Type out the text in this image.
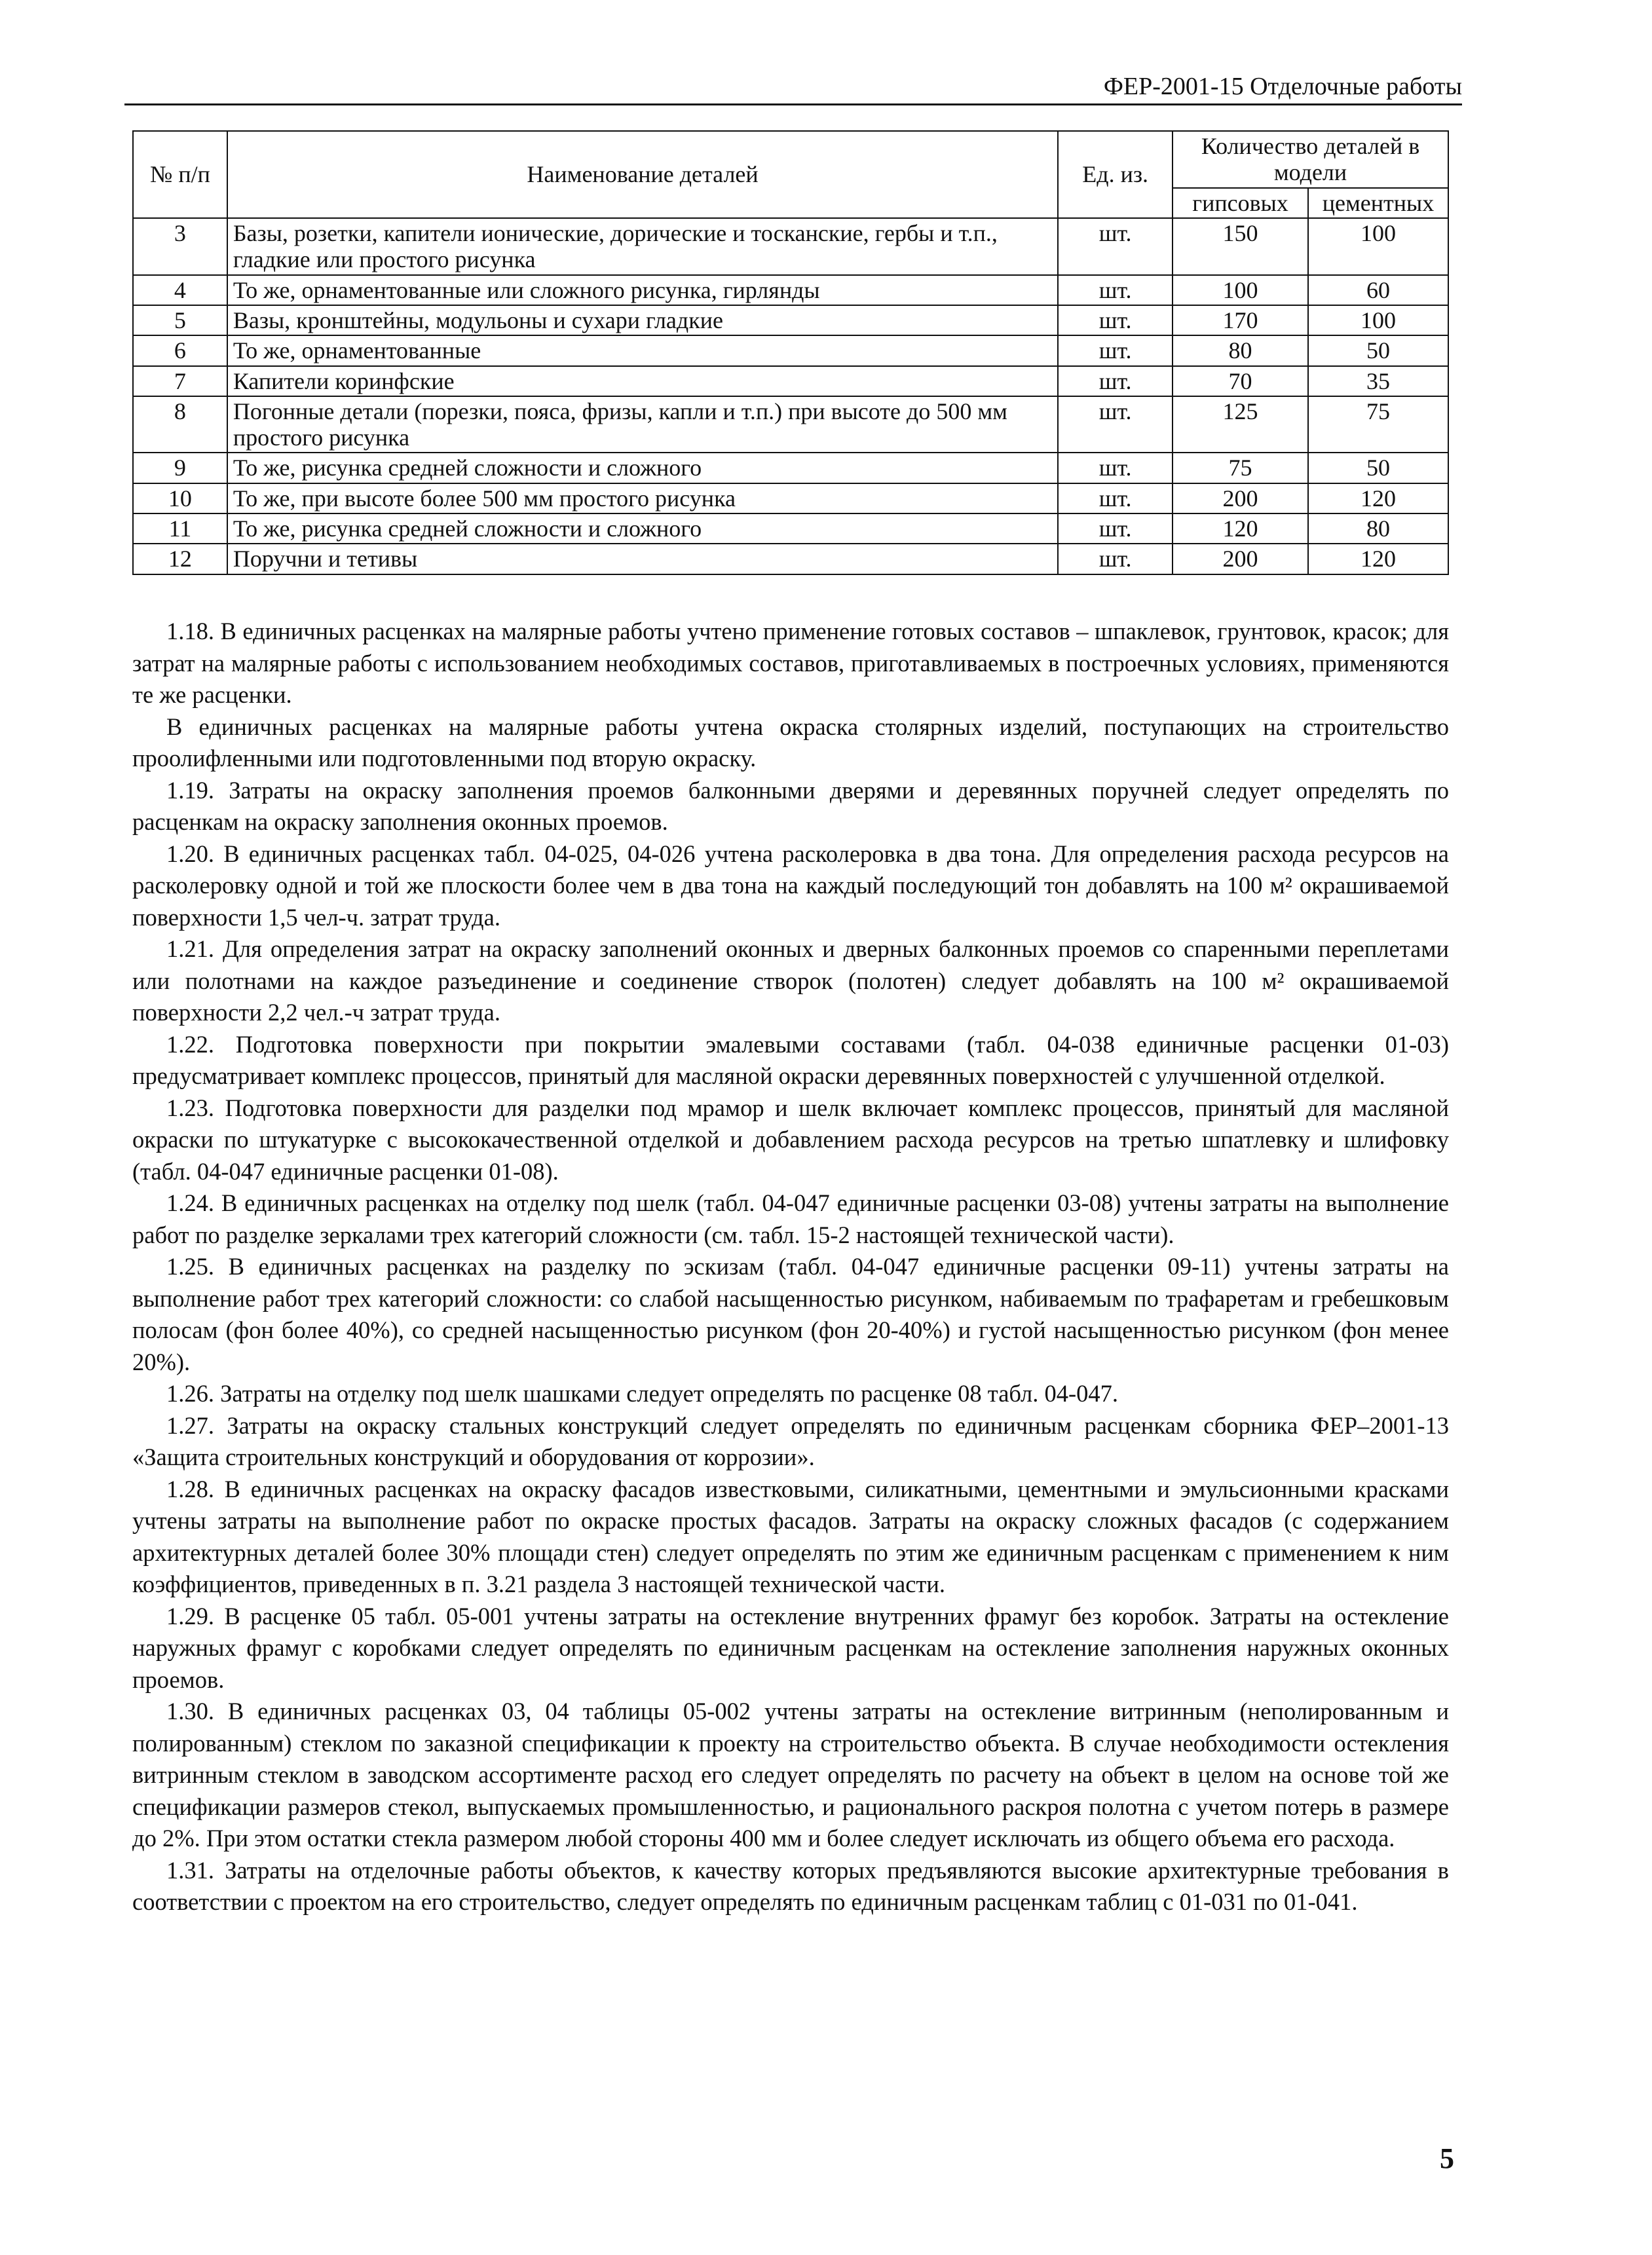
ФЕР-2001-15 Отделочные работы
№ п/п	Наименование деталей	Ед. из.	Количество деталей в модели	
			гипсовых	цементных
3	Базы, розетки, капители ионические, дорические и тосканские, гербы и т.п., гладкие или простого рисунка	шт.	150	100
4	То же, орнаментованные или сложного рисунка, гирлянды	шт.	100	60
5	Вазы, кронштейны, модульоны и сухари гладкие	шт.	170	100
6	То же, орнаментованные	шт.	80	50
7	Капители коринфские	шт.	70	35
8	Погонные детали (порезки, пояса, фризы, капли и т.п.) при высоте до 500 мм простого рисунка	шт.	125	75
9	То же, рисунка средней сложности и сложного	шт.	75	50
10	То же, при высоте более 500 мм простого рисунка	шт.	200	120
11	То же, рисунка средней сложности и сложного	шт.	120	80
12	Поручни и тетивы	шт.	200	120

1.18. В единичных расценках на малярные работы учтено применение готовых составов – шпаклевок, грунтовок, красок; для затрат на малярные работы с использованием необходимых составов, приготавливаемых в построечных условиях, применяются те же расценки.

В единичных расценках на малярные работы учтена окраска столярных изделий, поступающих на строительство проолифленными или подготовленными под вторую окраску.

1.19. Затраты на окраску заполнения проемов балконными дверями и деревянных поручней следует определять по расценкам на окраску заполнения оконных проемов.

1.20. В единичных расценках табл. 04-025, 04-026 учтена расколеровка в два тона. Для определения расхода ресурсов на расколеровку одной и той же плоскости более чем в два тона на каждый последующий тон добавлять на 100 м² окрашиваемой поверхности 1,5 чел-ч. затрат труда.

1.21. Для определения затрат на окраску заполнений оконных и дверных балконных проемов со спаренными переплетами или полотнами на каждое разъединение и соединение створок (полотен) следует добавлять на 100 м² окрашиваемой поверхности 2,2 чел.-ч затрат труда.

1.22. Подготовка поверхности при покрытии эмалевыми составами (табл. 04-038 единичные расценки 01-03) предусматривает комплекс процессов, принятый для масляной окраски деревянных поверхностей с улучшенной отделкой.

1.23. Подготовка поверхности для разделки под мрамор и шелк включает комплекс процессов, принятый для масляной окраски по штукатурке с высококачественной отделкой и добавлением расхода ресурсов на третью шпатлевку и шлифовку (табл. 04-047 единичные расценки 01-08).

1.24. В единичных расценках на отделку под шелк (табл. 04-047 единичные расценки 03-08) учтены затраты на выполнение работ по разделке зеркалами трех категорий сложности (см. табл. 15-2 настоящей технической части).

1.25. В единичных расценках на разделку по эскизам (табл. 04-047 единичные расценки 09-11) учтены затраты на выполнение работ трех категорий сложности: со слабой насыщенностью рисунком, набиваемым по трафаретам и гребешковым полосам (фон более 40%), со средней насыщенностью рисунком (фон 20-40%) и густой насыщенностью рисунком (фон менее 20%).

1.26. Затраты на отделку под шелк шашками следует определять по расценке 08 табл. 04-047.

1.27. Затраты на окраску стальных конструкций следует определять по единичным расценкам сборника ФЕР–2001-13 «Защита строительных конструкций и оборудования от коррозии».

1.28. В единичных расценках на окраску фасадов известковыми, силикатными, цементными и эмульсионными красками учтены затраты на выполнение работ по окраске простых фасадов. Затраты на окраску сложных фасадов (с содержанием архитектурных деталей более 30% площади стен) следует определять по этим же единичным расценкам с применением к ним коэффициентов, приведенных в п. 3.21 раздела 3 настоящей технической части.

1.29. В расценке 05 табл. 05-001 учтены затраты на остекление внутренних фрамуг без коробок. Затраты на остекление наружных фрамуг с коробками следует определять по единичным расценкам на остекление заполнения наружных оконных проемов.

1.30. В единичных расценках 03, 04 таблицы 05-002 учтены затраты на остекление витринным (неполированным и полированным) стеклом по заказной спецификации к проекту на строительство объекта. В случае необходимости остекления витринным стеклом в заводском ассортименте расход его следует определять по расчету на объект в целом на основе той же спецификации размеров стекол, выпускаемых промышленностью, и рационального раскроя полотна с учетом потерь в размере до 2%. При этом остатки стекла размером любой стороны 400 мм и более следует исключать из общего объема его расхода.

1.31. Затраты на отделочные работы объектов, к качеству которых предъявляются высокие архитектурные требования в соответствии с проектом на его строительство, следует определять по единичным расценкам таблиц с 01-031 по 01-041.

5
